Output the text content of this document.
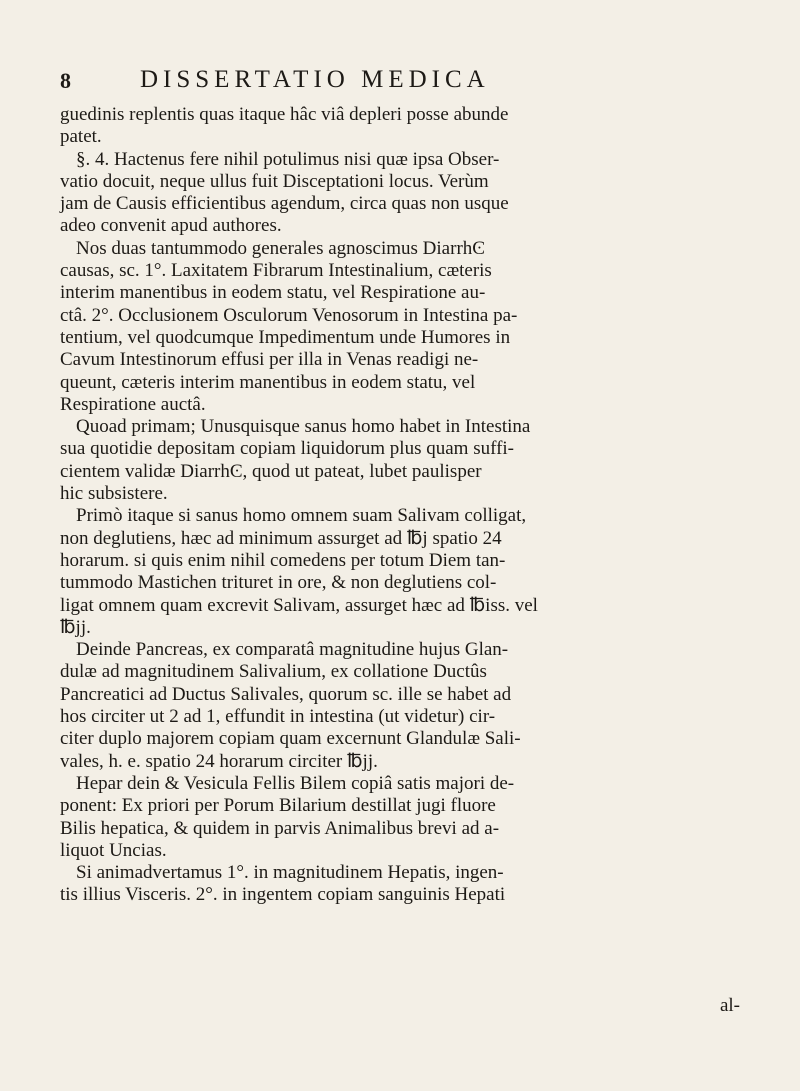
8	DISSERTATIO MEDICA
guedinis replentis quas itaque hâc viâ depleri posse abunde
patet.
§. 4. Hactenus fere nihil potulimus nisi quæ ipsa Obser-
vatio docuit, neque ullus fuit Disceptationi locus. Verùm
jam de Causis efficientibus agendum, circa quas non usque
adeo convenit apud authores.
Nos duas tantummodo generales agnoscimus DiarrhϾ
causas, sc. 1°. Laxitatem Fibrarum Intestinalium, cæteris
interim manentibus in eodem statu, vel Respiratione au-
ctâ. 2°. Occlusionem Osculorum Venosorum in Intestina pa-
tentium, vel quodcumque Impedimentum unde Humores in
Cavum Intestinorum effusi per illa in Venas readigi ne-
queunt, cæteris interim manentibus in eodem statu, vel
Respiratione auctâ.
Quoad primam; Unusquisque sanus homo habet in Intestina
sua quotidie depositam copiam liquidorum plus quam suffi-
cientem validæ DiarrhϾ, quod ut pateat, lubet paulisper
hic subsistere.
Primò itaque si sanus homo omnem suam Salivam colligat,
non deglutiens, hæc ad minimum assurget ad ℔j spatio 24
horarum. si quis enim nihil comedens per totum Diem tan-
tummodo Mastichen trituret in ore, & non deglutiens col-
ligat omnem quam excrevit Salivam, assurget hæc ad ℔iss. vel
℔jj.
Deinde Pancreas, ex comparatâ magnitudine hujus Glan-
dulæ ad magnitudinem Salivalium, ex collatione Ductûs
Pancreatici ad Ductus Salivales, quorum sc. ille se habet ad
hos circiter ut 2 ad 1, effundit in intestina (ut videtur) cir-
citer duplo majorem copiam quam excernunt Glandulæ Sali-
vales, h. e. spatio 24 horarum circiter ℔jj.
Hepar dein & Vesicula Fellis Bilem copiâ satis majori de-
ponent: Ex priori per Porum Bilarium destillat jugi fluore
Bilis hepatica, & quidem in parvis Animalibus brevi ad a-
liquot Uncias.
Si animadvertamus 1°. in magnitudinem Hepatis, ingen-
tis illius Visceris. 2°. in ingentem copiam sanguinis Hepati
al-
